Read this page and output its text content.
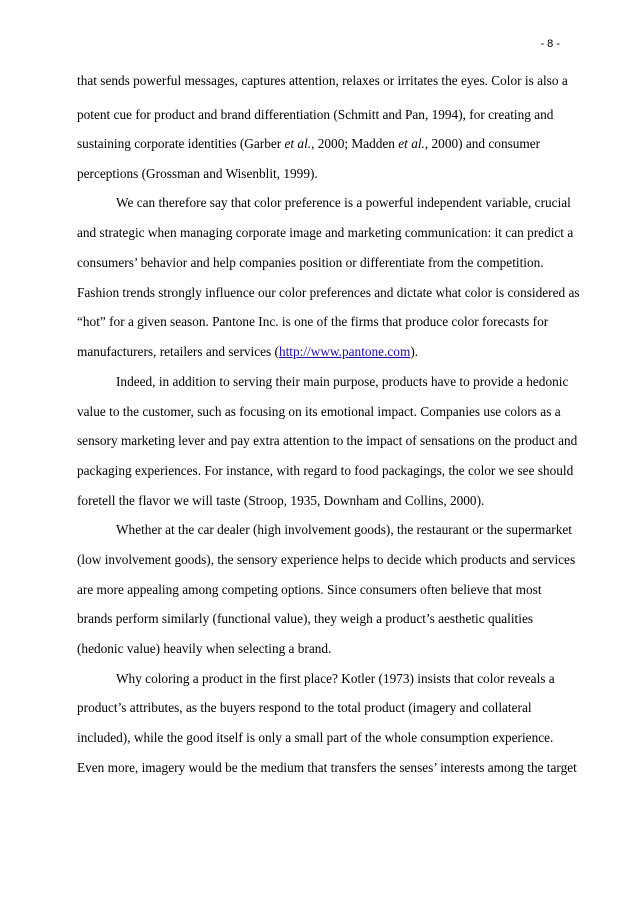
- 8 -
that sends powerful messages, captures attention, relaxes or irritates the eyes. Color is also a
potent cue for product and brand differentiation (Schmitt and Pan, 1994), for creating and
sustaining corporate identities (Garber et al., 2000; Madden et al., 2000) and consumer
perceptions (Grossman and Wisenblit, 1999).
We can therefore say that color preference is a powerful independent variable, crucial
and strategic when managing corporate image and marketing communication: it can predict a
consumers’ behavior and help companies position or differentiate from the competition.
Fashion trends strongly influence our color preferences and dictate what color is considered as
“hot” for a given season. Pantone Inc. is one of the firms that produce color forecasts for
manufacturers, retailers and services (http://www.pantone.com).
Indeed, in addition to serving their main purpose, products have to provide a hedonic
value to the customer, such as focusing on its emotional impact. Companies use colors as a
sensory marketing lever and pay extra attention to the impact of sensations on the product and
packaging experiences. For instance, with regard to food packagings, the color we see should
foretell the flavor we will taste (Stroop, 1935, Downham and Collins, 2000).
Whether at the car dealer (high involvement goods), the restaurant or the supermarket
(low involvement goods), the sensory experience helps to decide which products and services
are more appealing among competing options. Since consumers often believe that most
brands perform similarly (functional value), they weigh a product’s aesthetic qualities
(hedonic value) heavily when selecting a brand.
Why coloring a product in the first place? Kotler (1973) insists that color reveals a
product’s attributes, as the buyers respond to the total product (imagery and collateral
included), while the good itself is only a small part of the whole consumption experience.
Even more, imagery would be the medium that transfers the senses’ interests among the target
